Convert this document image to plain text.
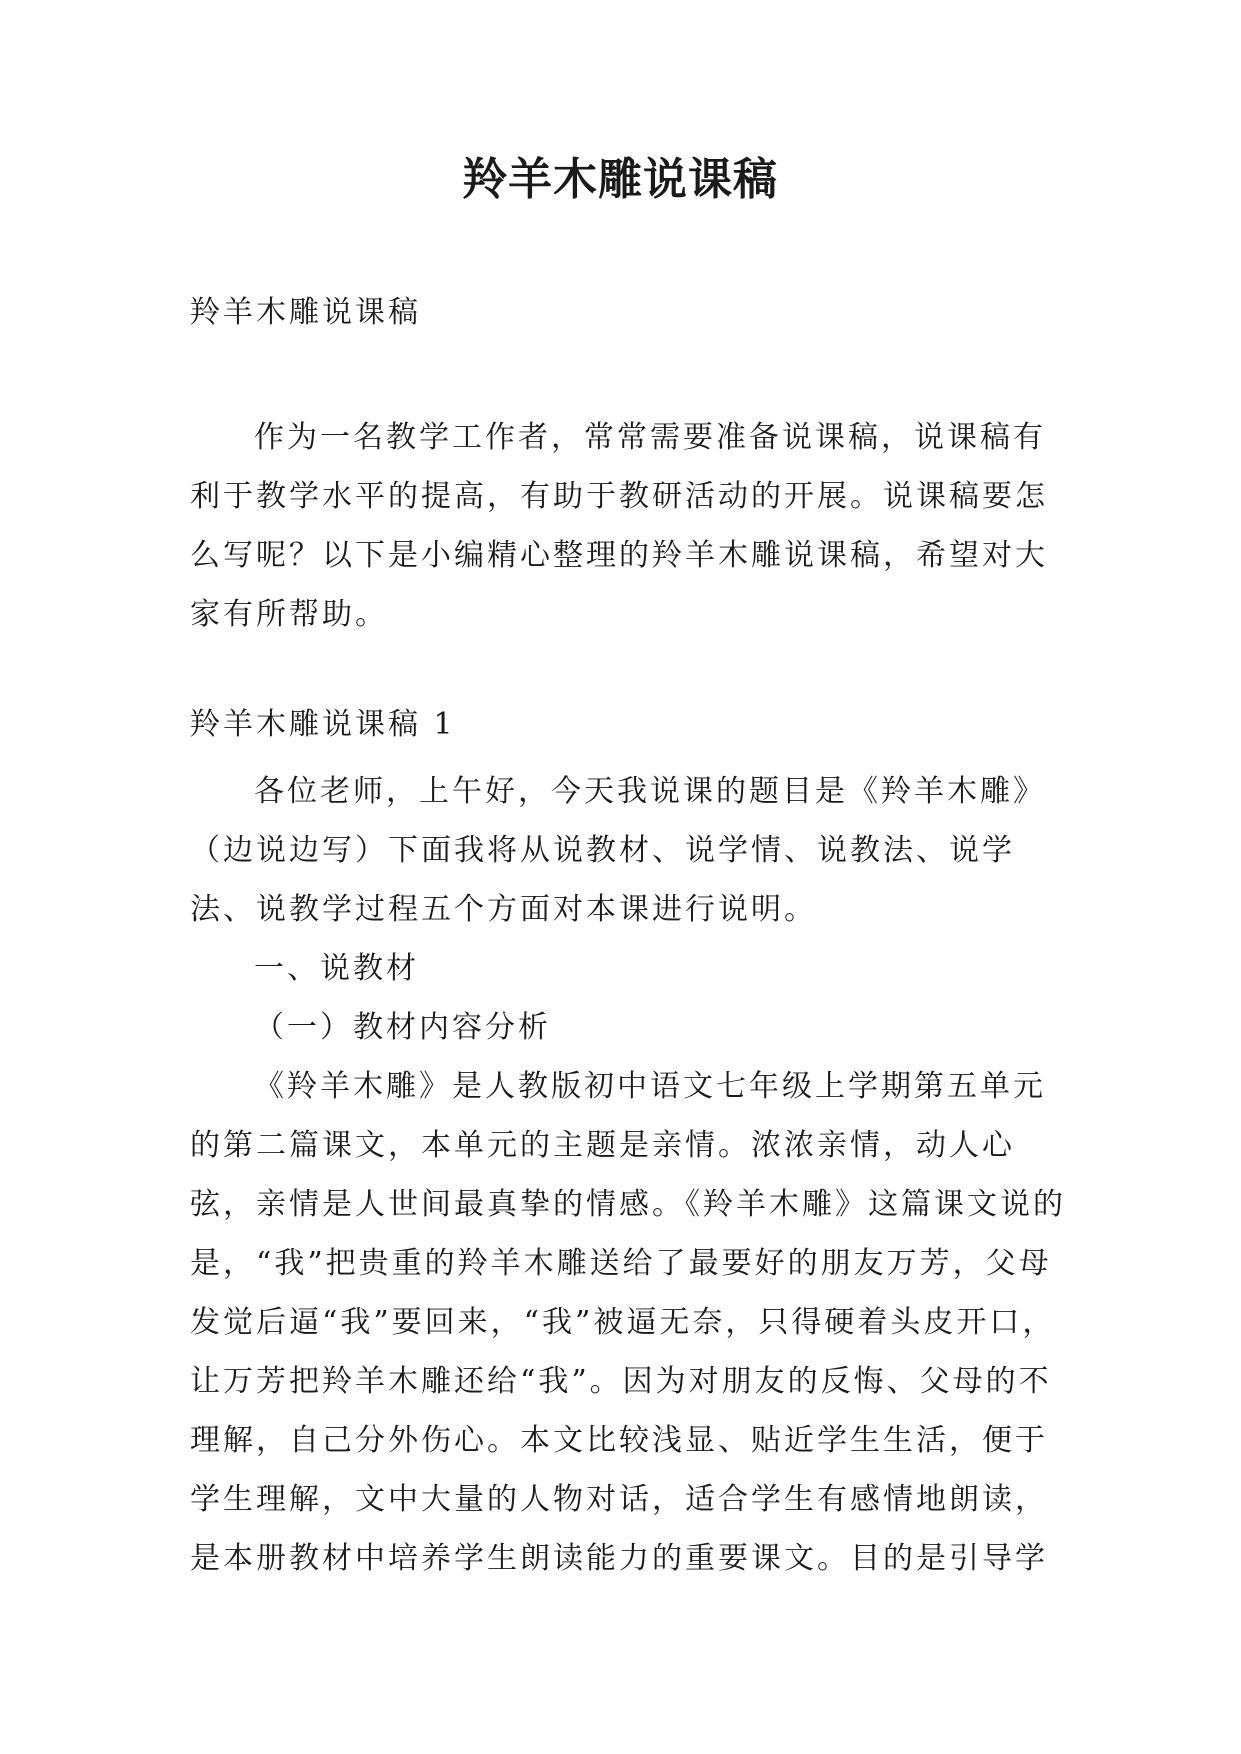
羚羊木雕说课稿

羚羊木雕说课稿

作为一名教学工作者，常常需要准备说课稿，说课稿有利于教学水平的提高，有助于教研活动的开展。说课稿要怎么写呢？以下是小编精心整理的羚羊木雕说课稿，希望对大家有所帮助。

羚羊木雕说课稿 1

各位老师，上午好，今天我说课的题目是《羚羊木雕》（边说边写）下面我将从说教材、说学情、说教法、说学法、说教学过程五个方面对本课进行说明。

一、说教材

（一）教材内容分析

《羚羊木雕》是人教版初中语文七年级上学期第五单元的第二篇课文，本单元的主题是亲情。浓浓亲情，动人心弦，亲情是人世间最真挚的情感。《羚羊木雕》这篇课文说的是，“我”把贵重的羚羊木雕送给了最要好的朋友万芳，父母发觉后逼“我”要回来，“我”被逼无奈，只得硬着头皮开口，让万芳把羚羊木雕还给“我”。因为对朋友的反悔、父母的不理解，自己分外伤心。本文比较浅显、贴近学生生活，便于学生理解，文中大量的人物对话，适合学生有感情地朗读，是本册教材中培养学生朗读能力的重要课文。目的是引导学
